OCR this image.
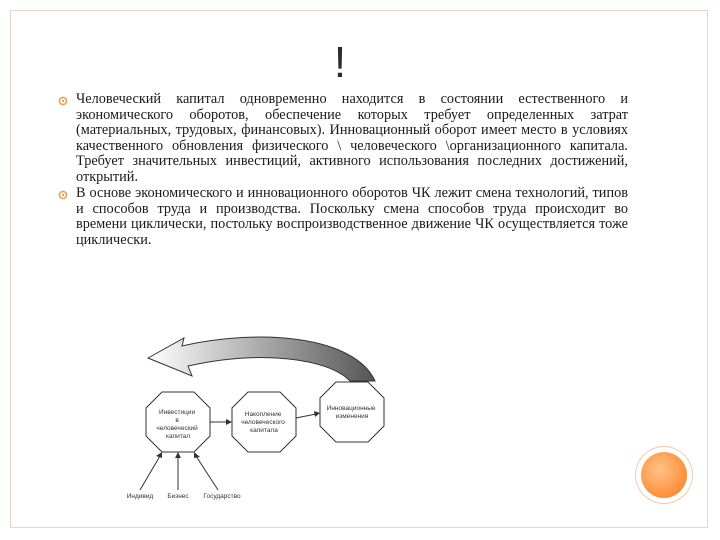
!
Человеческий капитал одновременно находится в состоянии естественного и экономического оборотов, обеспечение которых требует определенных затрат (материальных, трудовых, финансовых). Инновационный оборот имеет место в условиях качественного обновления физического \ человеческого \организационного капитала. Требует значительных инвестиций, активного использования последних достижений, открытий.
В основе экономического и инновационного оборотов ЧК лежит смена технологий, типов и способов труда и производства. Поскольку смена способов труда происходит во времени циклически, постольку воспроизводственное движение ЧК осуществляется тоже циклически.
Инвестиции в человеческий капитал
Накопление человеческого капитала
Инновационные изменения
Индивид Бизнес Государство
